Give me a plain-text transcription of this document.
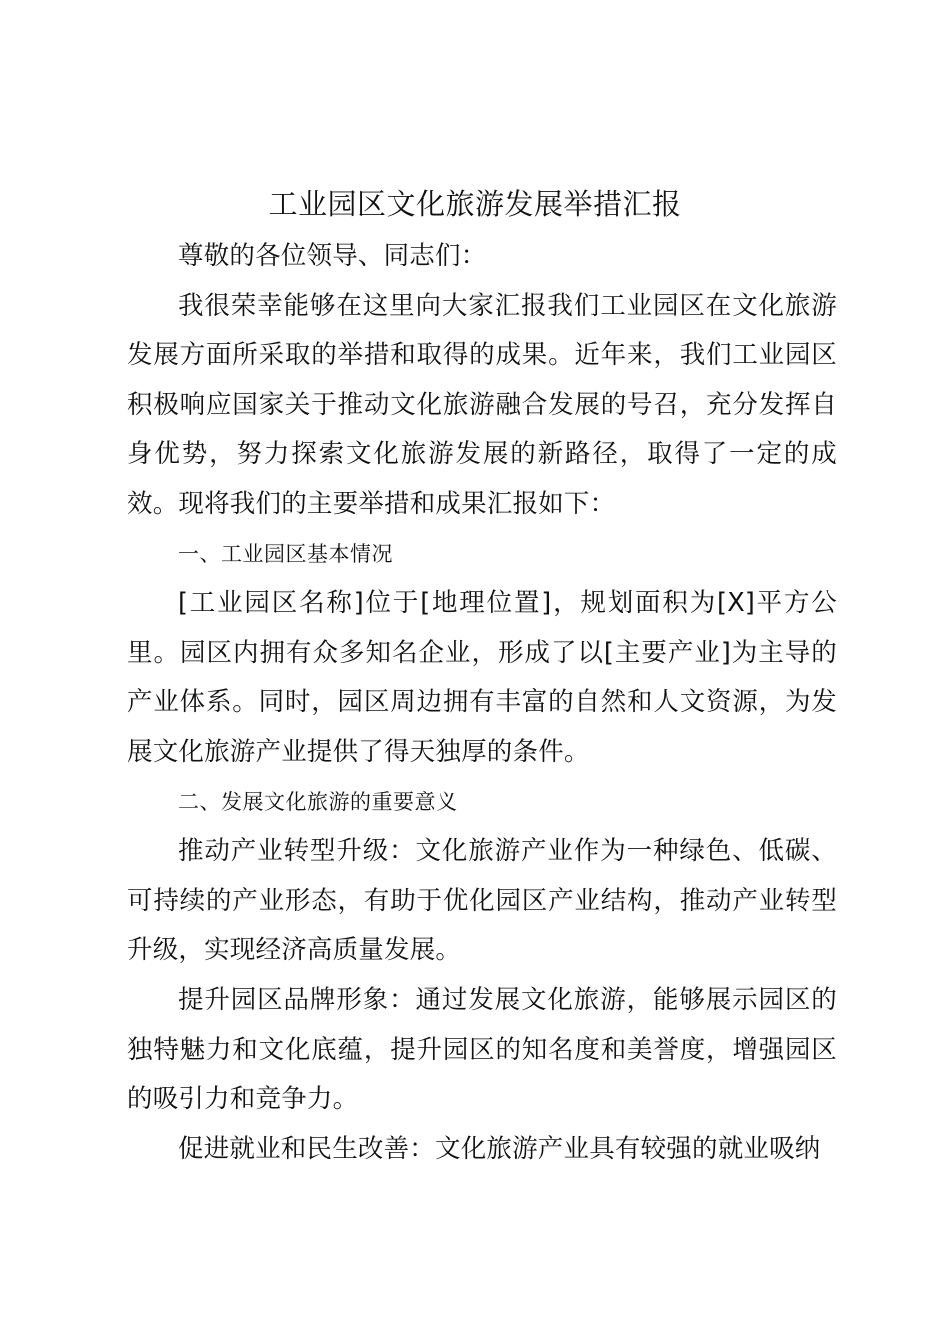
工业园区文化旅游发展举措汇报

尊敬的各位领导、同志们：

我很荣幸能够在这里向大家汇报我们工业园区在文化旅游发展方面所采取的举措和取得的成果。近年来，我们工业园区积极响应国家关于推动文化旅游融合发展的号召，充分发挥自身优势，努力探索文化旅游发展的新路径，取得了一定的成效。现将我们的主要举措和成果汇报如下：

一、工业园区基本情况

[工业园区名称]位于[地理位置]，规划面积为[X]平方公里。园区内拥有众多知名企业，形成了以[主要产业]为主导的产业体系。同时，园区周边拥有丰富的自然和人文资源，为发展文化旅游产业提供了得天独厚的条件。

二、发展文化旅游的重要意义

推动产业转型升级：文化旅游产业作为一种绿色、低碳、可持续的产业形态，有助于优化园区产业结构，推动产业转型升级，实现经济高质量发展。

提升园区品牌形象：通过发展文化旅游，能够展示园区的独特魅力和文化底蕴，提升园区的知名度和美誉度，增强园区的吸引力和竞争力。

促进就业和民生改善：文化旅游产业具有较强的就业吸纳
